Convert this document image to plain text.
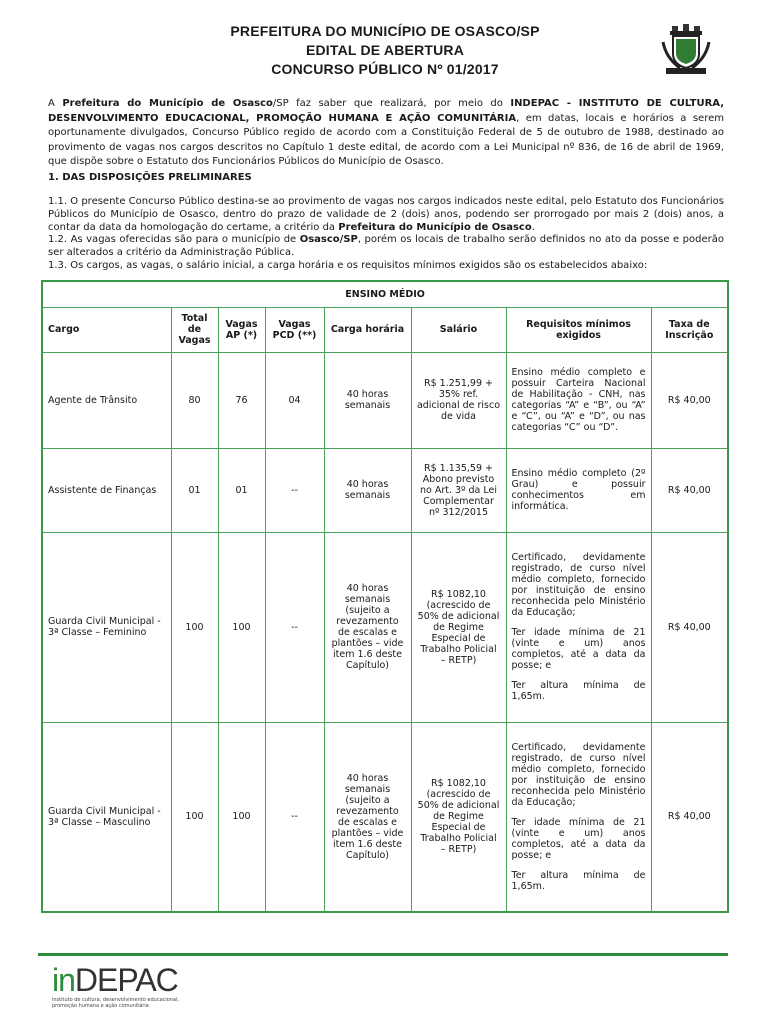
PREFEITURA DO MUNICÍPIO DE OSASCO/SP
EDITAL DE ABERTURA
CONCURSO PÚBLICO Nº 01/2017
A Prefeitura do Município de Osasco/SP faz saber que realizará, por meio do INDEPAC - INSTITUTO DE CULTURA, DESENVOLVIMENTO EDUCACIONAL, PROMOÇÃO HUMANA E AÇÃO COMUNITÁRIA, em datas, locais e horários a serem oportunamente divulgados, Concurso Público regido de acordo com a Constituição Federal de 5 de outubro de 1988, destinado ao provimento de vagas nos cargos descritos no Capítulo 1 deste edital, de acordo com a Lei Municipal nº 836, de 16 de abril de 1969, que dispõe sobre o Estatuto dos Funcionários Públicos do Município de Osasco.
1. DAS DISPOSIÇÕES PRELIMINARES

1.1. O presente Concurso Público destina-se ao provimento de vagas nos cargos indicados neste edital, pelo Estatuto dos Funcionários Públicos do Município de Osasco, dentro do prazo de validade de 2 (dois) anos, podendo ser prorrogado por mais 2 (dois) anos, a contar da data da homologação do certame, a critério da Prefeitura do Município de Osasco.

1.2. As vagas oferecidas são para o município de Osasco/SP, porém os locais de trabalho serão definidos no ato da posse e poderão ser alterados a critério da Administração Pública.

1.3. Os cargos, as vagas, o salário inicial, a carga horária e os requisitos mínimos exigidos são os estabelecidos abaixo:

ENSINO MÉDIO							
Cargo	Total de Vagas	Vagas AP (*)	Vagas PCD (**)	Carga horária	Salário	Requisitos mínimos exigidos	Taxa de Inscrição
Agente de Trânsito	80	76	04	40 horas semanais	R$ 1.251,99 + 35% ref. adicional de risco de vida	Ensino médio completo e possuir Carteira Nacional de Habilitação - CNH, nas categorias “A” e “B”, ou “A” e “C”, ou “A” e “D”, ou nas categorias “C” ou “D”.	R$ 40,00
Assistente de Finanças	01	01	--	40 horas semanais	R$ 1.135,59 + Abono previsto no Art. 3º da Lei Complementar nº 312/2015	Ensino médio completo (2º Grau) e possuir conhecimentos em informática.	R$ 40,00
Guarda Civil Municipal - 3ª Classe – Feminino	100	100	--	40 horas semanais (sujeito a revezamento de escalas e plantões – vide item 1.6 deste Capítulo)	R$ 1082,10 (acrescido de 50% de adicional de Regime Especial de Trabalho Policial – RETP)	Certificado, devidamente registrado, de curso nível médio completo, fornecido por instituição de ensino reconhecida pelo Ministério da Educação;

Ter idade mínima de 21 (vinte e um) anos completos, até a data da posse; e

Ter altura mínima de 1,65m.	R$ 40,00
Guarda Civil Municipal - 3ª Classe – Masculino	100	100	--	40 horas semanais (sujeito a revezamento de escalas e plantões – vide item 1.6 deste Capítulo)	R$ 1082,10 (acrescido de 50% de adicional de Regime Especial de Trabalho Policial – RETP)	Certificado, devidamente registrado, de curso nível médio completo, fornecido por instituição de ensino reconhecida pelo Ministério da Educação;

Ter idade mínima de 21 (vinte e um) anos completos, até a data da posse; e

Ter altura mínima de 1,65m.	R$ 40,00
inDEPAC
instituto de cultura, desenvolvimento educacional,
promoção humana e ação comunitária
